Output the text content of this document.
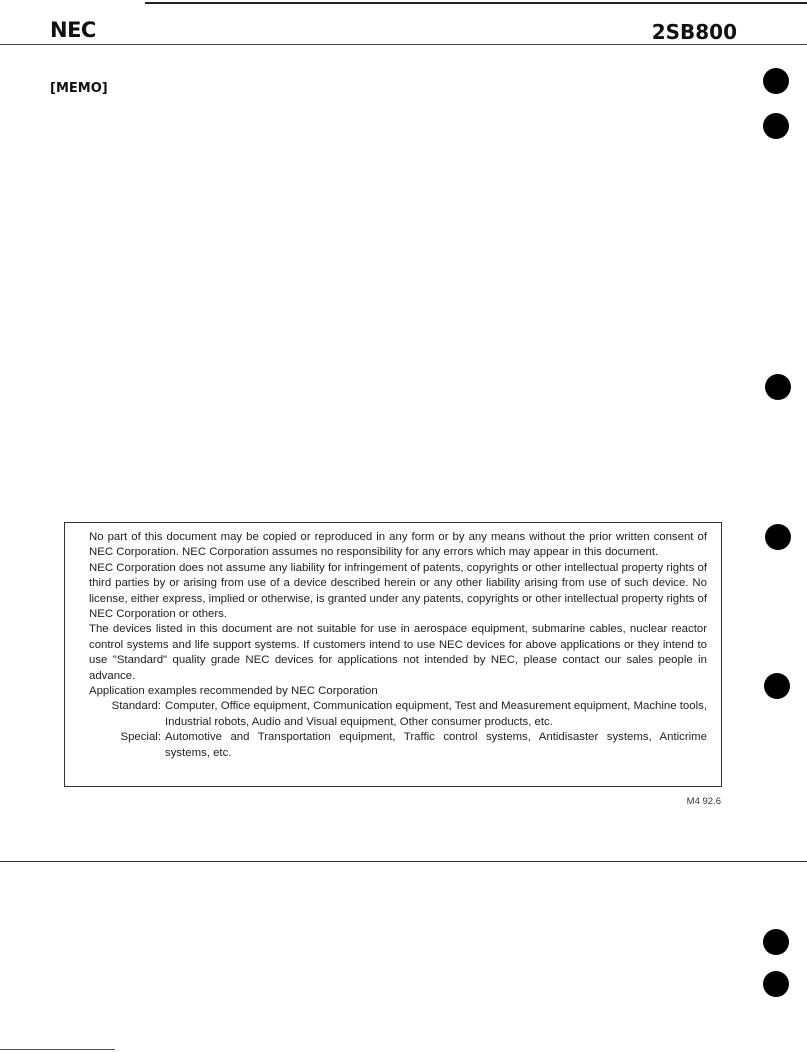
NEC	2SB800
[MEMO]

No part of this document may be copied or reproduced in any form or by any means without the prior written consent of NEC Corporation. NEC Corporation assumes no responsibility for any errors which may appear in this document.

NEC Corporation does not assume any liability for infringement of patents, copyrights or other intellectual property rights of third parties by or arising from use of a device described herein or any other liability arising from use of such device. No license, either express, implied or otherwise, is granted under any patents, copyrights or other intellectual property rights of NEC Corporation or others.

The devices listed in this document are not suitable for use in aerospace equipment, submarine cables, nuclear reactor control systems and life support systems. If customers intend to use NEC devices for above applications or they intend to use "Standard" quality grade NEC devices for applications not intended by NEC, please contact our sales people in advance.

Application examples recommended by NEC Corporation

Standard: Computer, Office equipment, Communication equipment, Test and Measurement equipment, Machine tools, Industrial robots, Audio and Visual equipment, Other consumer products, etc.
Special: Automotive and Transportation equipment, Traffic control systems, Antidisaster systems, Anticrime systems, etc.
M4 92.6
